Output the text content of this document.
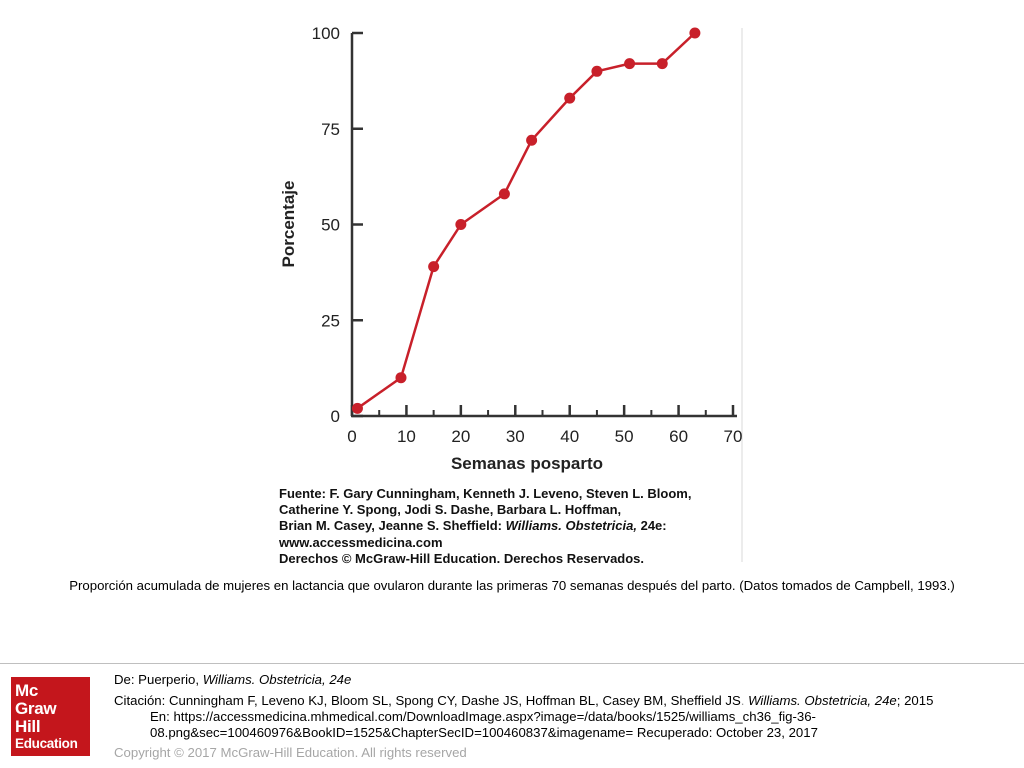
0
25
50
75
100
0 10 20 30 40 50 60 70
Porcentaje
Semanas posparto
Fuente: F. Gary Cunningham, Kenneth J. Leveno, Steven L. Bloom,
Catherine Y. Spong, Jodi S. Dashe, Barbara L. Hoffman,
Brian M. Casey, Jeanne S. Sheffield: Williams. Obstetricia, 24e:
www.accessmedicina.com
Derechos © McGraw-Hill Education. Derechos Reservados.
Proporción acumulada de mujeres en lactancia que ovularon durante las primeras 70 semanas después del parto. (Datos tomados de Campbell, 1993.)
Mc
Graw
Hill
Education
De: Puerperio, Williams. Obstetricia, 24e
Citación: Cunningham F, Leveno KJ, Bloom SL, Spong CY, Dashe JS, Hoffman BL, Casey BM, Sheffield JS. Williams. Obstetricia, 24e; 2015
En: https://accessmedicina.mhmedical.com/DownloadImage.aspx?image=/data/books/1525/williams_ch36_fig-36-08.png&sec=100460976&BookID=1525&ChapterSecID=100460837&imagename= Recuperado: October 23, 2017
Copyright © 2017 McGraw-Hill Education. All rights reserved
